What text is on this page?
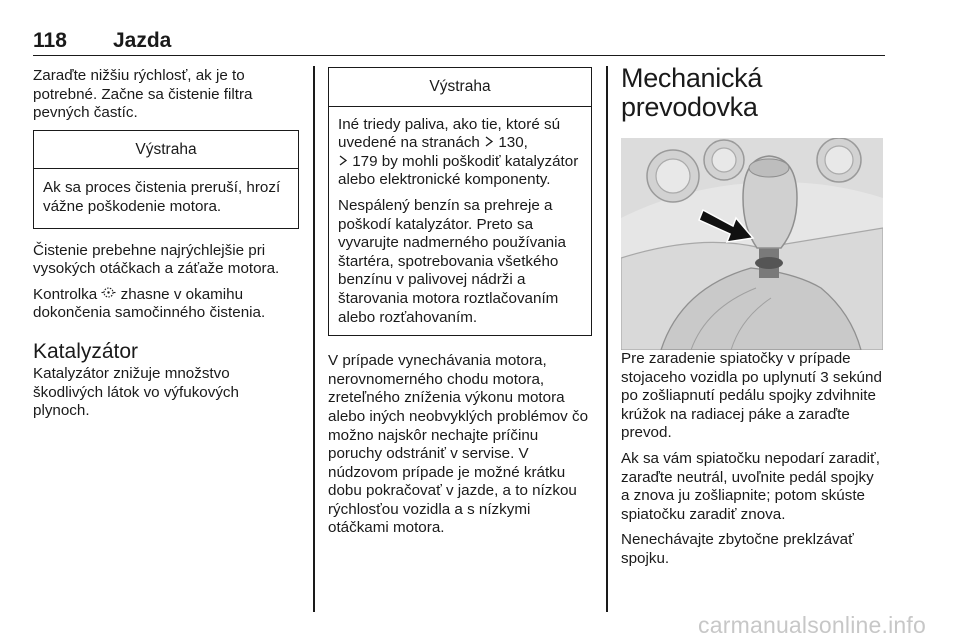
118 Jazda

Zaraďte nižšiu rýchlosť, ak je to potrebné. Začne sa čistenie filtra pevných častíc.

Výstraha

Ak sa proces čistenia preruší, hrozí vážne poškodenie motora.

Čistenie prebehne najrýchlejšie pri vysokých otáčkach a záťaže motora.

Kontrolka zhasne v okamihu dokončenia samočinného čistenia.

Katalyzátor

Katalyzátor znižuje množstvo škodlivých látok vo výfukových plynoch.

Výstraha

Iné triedy paliva, ako tie, ktoré sú uvedené na stranách 130,
179 by mohli poškodiť katalyzátor alebo elektronické komponenty.

Nespálený benzín sa prehreje a poškodí katalyzátor. Preto sa vyvarujte nadmerného používania štartéra, spotrebovania všetkého benzínu v palivovej nádrži a štarovania motora roztlačovaním alebo rozťahovaním.

V prípade vynechávania motora, nerovnomerného chodu motora, zreteľného zníženia výkonu motora alebo iných neobvyklých problémov čo možno najskôr nechajte príčinu poruchy odstrániť v servise. V núdzovom prípade je možné krátku dobu pokračovať v jazde, a to nízkou rýchlosťou vozidla a s nízkymi otáčkami motora.

Mechanická prevodovka

Pre zaradenie spiatočky v prípade stojaceho vozidla po uplynutí 3 sekúnd po zošliapnutí pedálu spojky zdvihnite krúžok na radiacej páke a zaraďte prevod.

Ak sa vám spiatočku nepodarí zaradiť, zaraďte neutrál, uvoľnite pedál spojky a znova ju zošliapnite; potom skúste spiatočku zaradiť znova.

Nenechávajte zbytočne preklzávať spojku.

carmanualsonline.info
